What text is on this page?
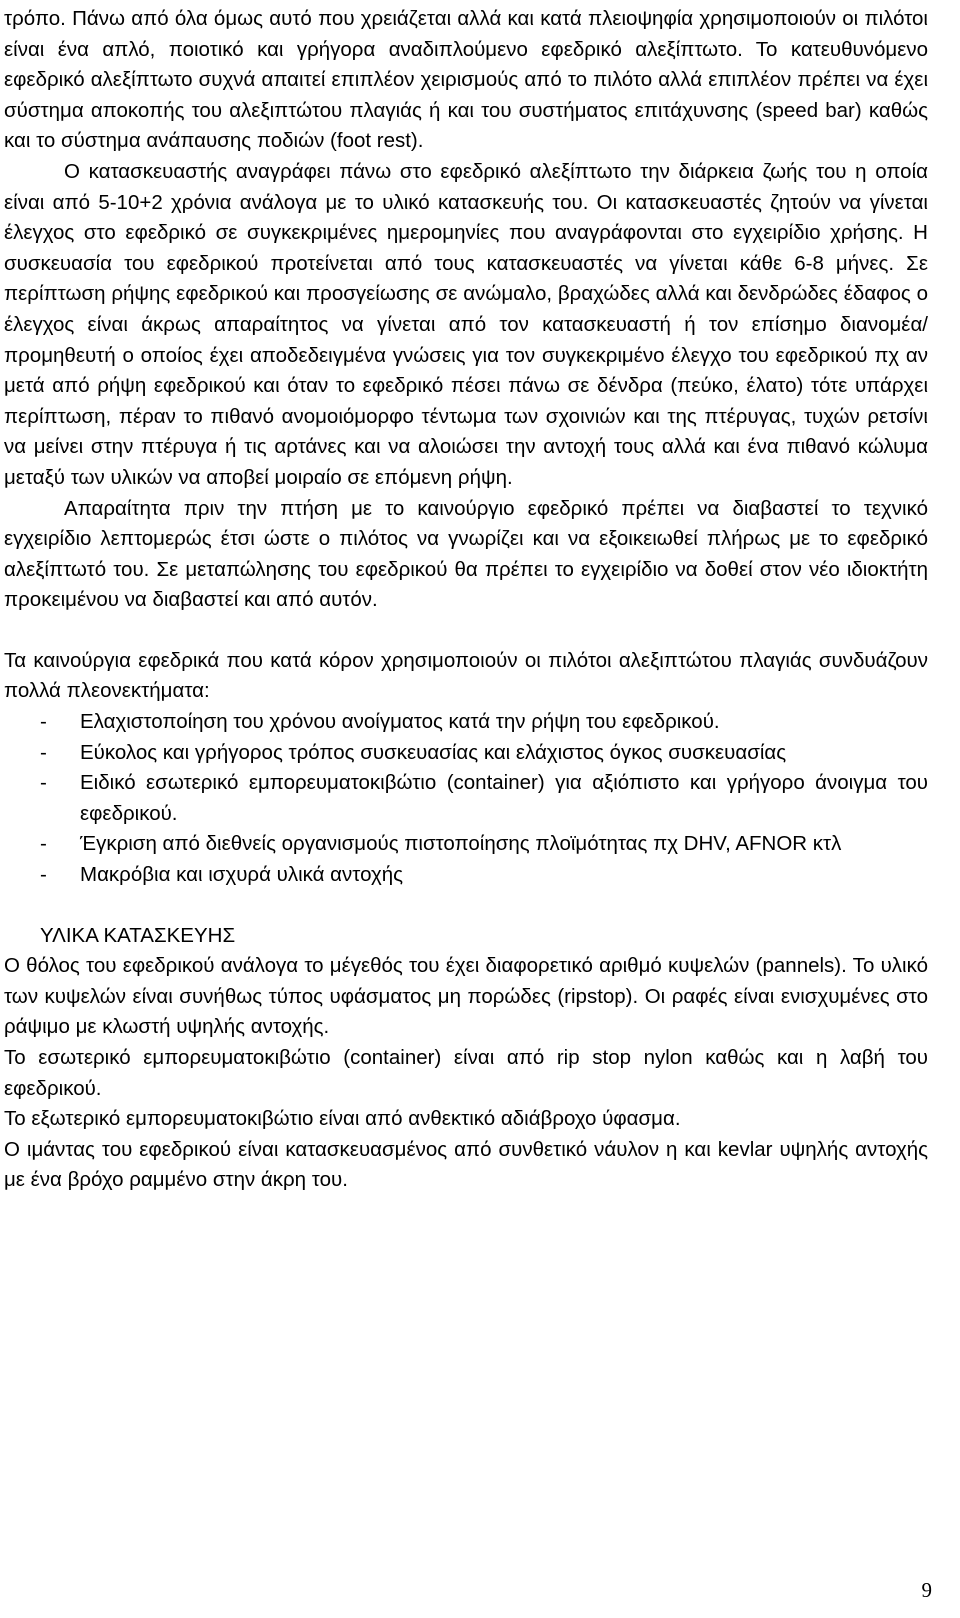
τρόπο. Πάνω από όλα όμως αυτό που χρειάζεται αλλά και κατά πλειοψηφία χρησιμοποιούν οι πιλότοι είναι ένα απλό, ποιοτικό και γρήγορα αναδιπλούμενο εφεδρικό αλεξίπτωτο. Το κατευθυνόμενο εφεδρικό αλεξίπτωτο συχνά απαιτεί επιπλέον χειρισμούς από το πιλότο αλλά επιπλέον πρέπει να έχει σύστημα αποκοπής του αλεξιπτώτου πλαγιάς ή και του συστήματος επιτάχυνσης (speed bar) καθώς και το σύστημα ανάπαυσης ποδιών (foot rest).

Ο κατασκευαστής αναγράφει πάνω στο εφεδρικό αλεξίπτωτο την διάρκεια ζωής του η οποία είναι από 5-10+2 χρόνια ανάλογα με το υλικό κατασκευής του. Οι κατασκευαστές ζητούν να γίνεται έλεγχος στο εφεδρικό σε συγκεκριμένες ημερομηνίες που αναγράφονται στο εγχειρίδιο χρήσης. Η συσκευασία του εφεδρικού προτείνεται από τους κατασκευαστές να γίνεται κάθε 6-8 μήνες. Σε περίπτωση ρήψης εφεδρικού και προσγείωσης σε ανώμαλο, βραχώδες αλλά και δενδρώδες έδαφος ο έλεγχος είναι άκρως απαραίτητος να γίνεται από τον κατασκευαστή ή τον επίσημο διανομέα/ προμηθευτή ο οποίος έχει αποδεδειγμένα γνώσεις για τον συγκεκριμένο έλεγχο του εφεδρικού πχ αν μετά από ρήψη εφεδρικού και όταν το εφεδρικό πέσει πάνω σε δένδρα (πεύκο, έλατο) τότε υπάρχει περίπτωση, πέραν το πιθανό ανομοιόμορφο τέντωμα των σχοινιών και της πτέρυγας, τυχών ρετσίνι να μείνει στην πτέρυγα ή τις αρτάνες και να αλοιώσει την αντοχή τους αλλά και ένα πιθανό κώλυμα μεταξύ των υλικών να αποβεί μοιραίο σε επόμενη ρήψη.

Απαραίτητα πριν την πτήση με το καινούργιο εφεδρικό πρέπει να διαβαστεί το τεχνικό εγχειρίδιο λεπτομερώς έτσι ώστε ο πιλότος να γνωρίζει και να εξοικειωθεί πλήρως με το εφεδρικό αλεξίπτωτό του. Σε μεταπώλησης του εφεδρικού θα πρέπει το εγχειρίδιο να δοθεί στον νέο ιδιοκτήτη προκειμένου να διαβαστεί και από αυτόν.

Τα καινούργια εφεδρικά που κατά κόρον χρησιμοποιούν οι πιλότοι αλεξιπτώτου πλαγιάς συνδυάζουν πολλά πλεονεκτήματα:

- Ελαχιστοποίηση του χρόνου ανοίγματος κατά την ρήψη του εφεδρικού.
- Εύκολος και γρήγορος τρόπος συσκευασίας και ελάχιστος όγκος συσκευασίας
- Ειδικό εσωτερικό εμπορευματοκιβώτιο (container) για αξιόπιστο και γρήγορο άνοιγμα του εφεδρικού.
- Έγκριση από διεθνείς οργανισμούς πιστοποίησης πλοϊμότητας πχ DHV, AFNOR κτλ
- Μακρόβια και ισχυρά υλικά αντοχής

ΥΛΙΚΑ ΚΑΤΑΣΚΕΥΗΣ

Ο θόλος του εφεδρικού ανάλογα το μέγεθός του έχει διαφορετικό αριθμό κυψελών (pannels). Το υλικό των κυψελών είναι συνήθως τύπος υφάσματος μη πορώδες (ripstop). Οι ραφές είναι ενισχυμένες στο ράψιμο με κλωστή υψηλής αντοχής.

Το εσωτερικό εμπορευματοκιβώτιο (container) είναι από rip stop nylon καθώς και η λαβή του εφεδρικού.

Το εξωτερικό εμπορευματοκιβώτιο είναι από ανθεκτικό αδιάβροχο ύφασμα.

Ο ιμάντας του εφεδρικού είναι κατασκευασμένος από συνθετικό νάυλον η και kevlar υψηλής αντοχής με ένα βρόχο ραμμένο στην άκρη του.

9
